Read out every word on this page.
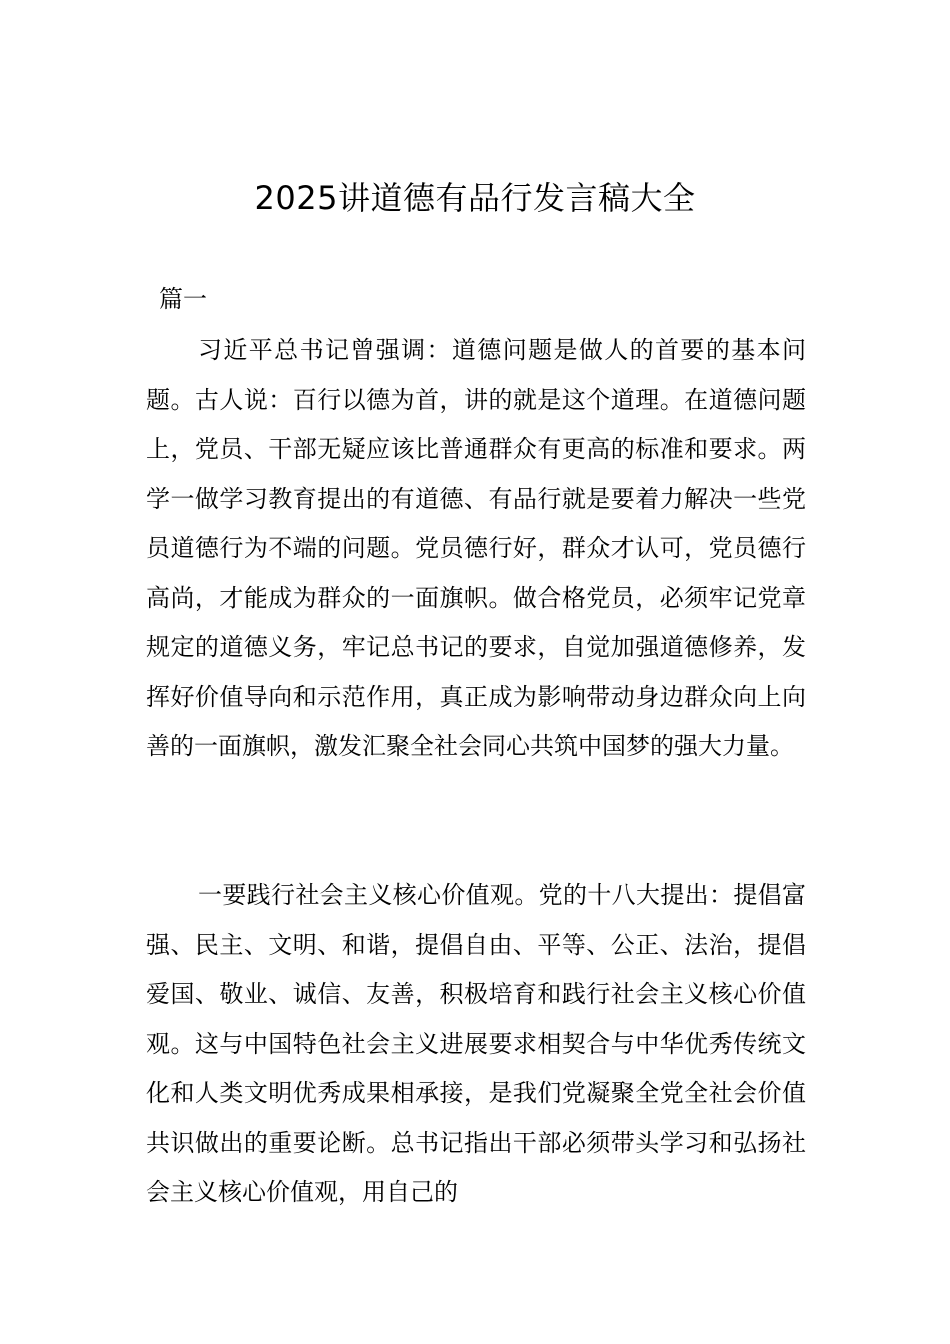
2025讲道德有品行发言稿大全
篇一

习近平总书记曾强调：道德问题是做人的首要的基本问题。古人说：百行以德为首，讲的就是这个道理。在道德问题上，党员、干部无疑应该比普通群众有更高的标准和要求。两学一做学习教育提出的有道德、有品行就是要着力解决一些党员道德行为不端的问题。党员德行好，群众才认可，党员德行高尚，才能成为群众的一面旗帜。做合格党员，必须牢记党章规定的道德义务，牢记总书记的要求，自觉加强道德修养，发挥好价值导向和示范作用，真正成为影响带动身边群众向上向善的一面旗帜，激发汇聚全社会同心共筑中国梦的强大力量。

一要践行社会主义核心价值观。党的十八大提出：提倡富强、民主、文明、和谐，提倡自由、平等、公正、法治，提倡爱国、敬业、诚信、友善，积极培育和践行社会主义核心价值观。这与中国特色社会主义进展要求相契合与中华优秀传统文化和人类文明优秀成果相承接，是我们党凝聚全党全社会价值共识做出的重要论断。总书记指出干部必须带头学习和弘扬社会主义核心价值观，用自己的
